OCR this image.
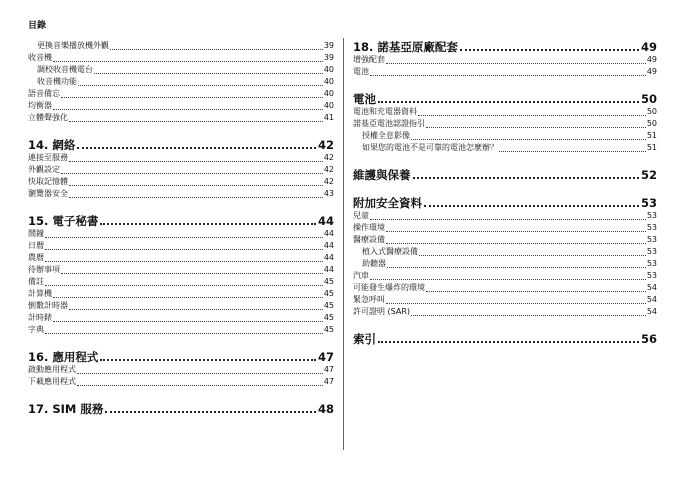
目錄
更換音樂播放機外觀	39
收音機	39
調校收音機電台	40
收音機功能	40
語音備忘	40
均衡器	40
立體聲強化	41
14. 網絡	42
連接至服務	42
外觀設定	42
快取記憶體	42
瀏覽器安全	43
15. 電子秘書	44
鬧鐘	44
日曆	44
農曆	44
待辦事項	44
備註	45
計算機	45
倒數計時器	45
計時錶	45
字典	45
16. 應用程式	47
啟動應用程式	47
下載應用程式	47
17. SIM 服務	48
18. 諾基亞原廠配套	49
增強配套	49
電池	49
電池	50
電池和充電器資料	50
諾基亞電池認證指引	50
授權全息影像	51
如果您的電池不是可靠的電池怎麼辦？	51
維護與保養	52
附加安全資料	53
兒童	53
操作環境	53
醫療設備	53
植入式醫療設備	53
助聽器	53
汽車	53
可能發生爆炸的環境	54
緊急呼叫	54
許可證明 (SAR)	54
索引	56
